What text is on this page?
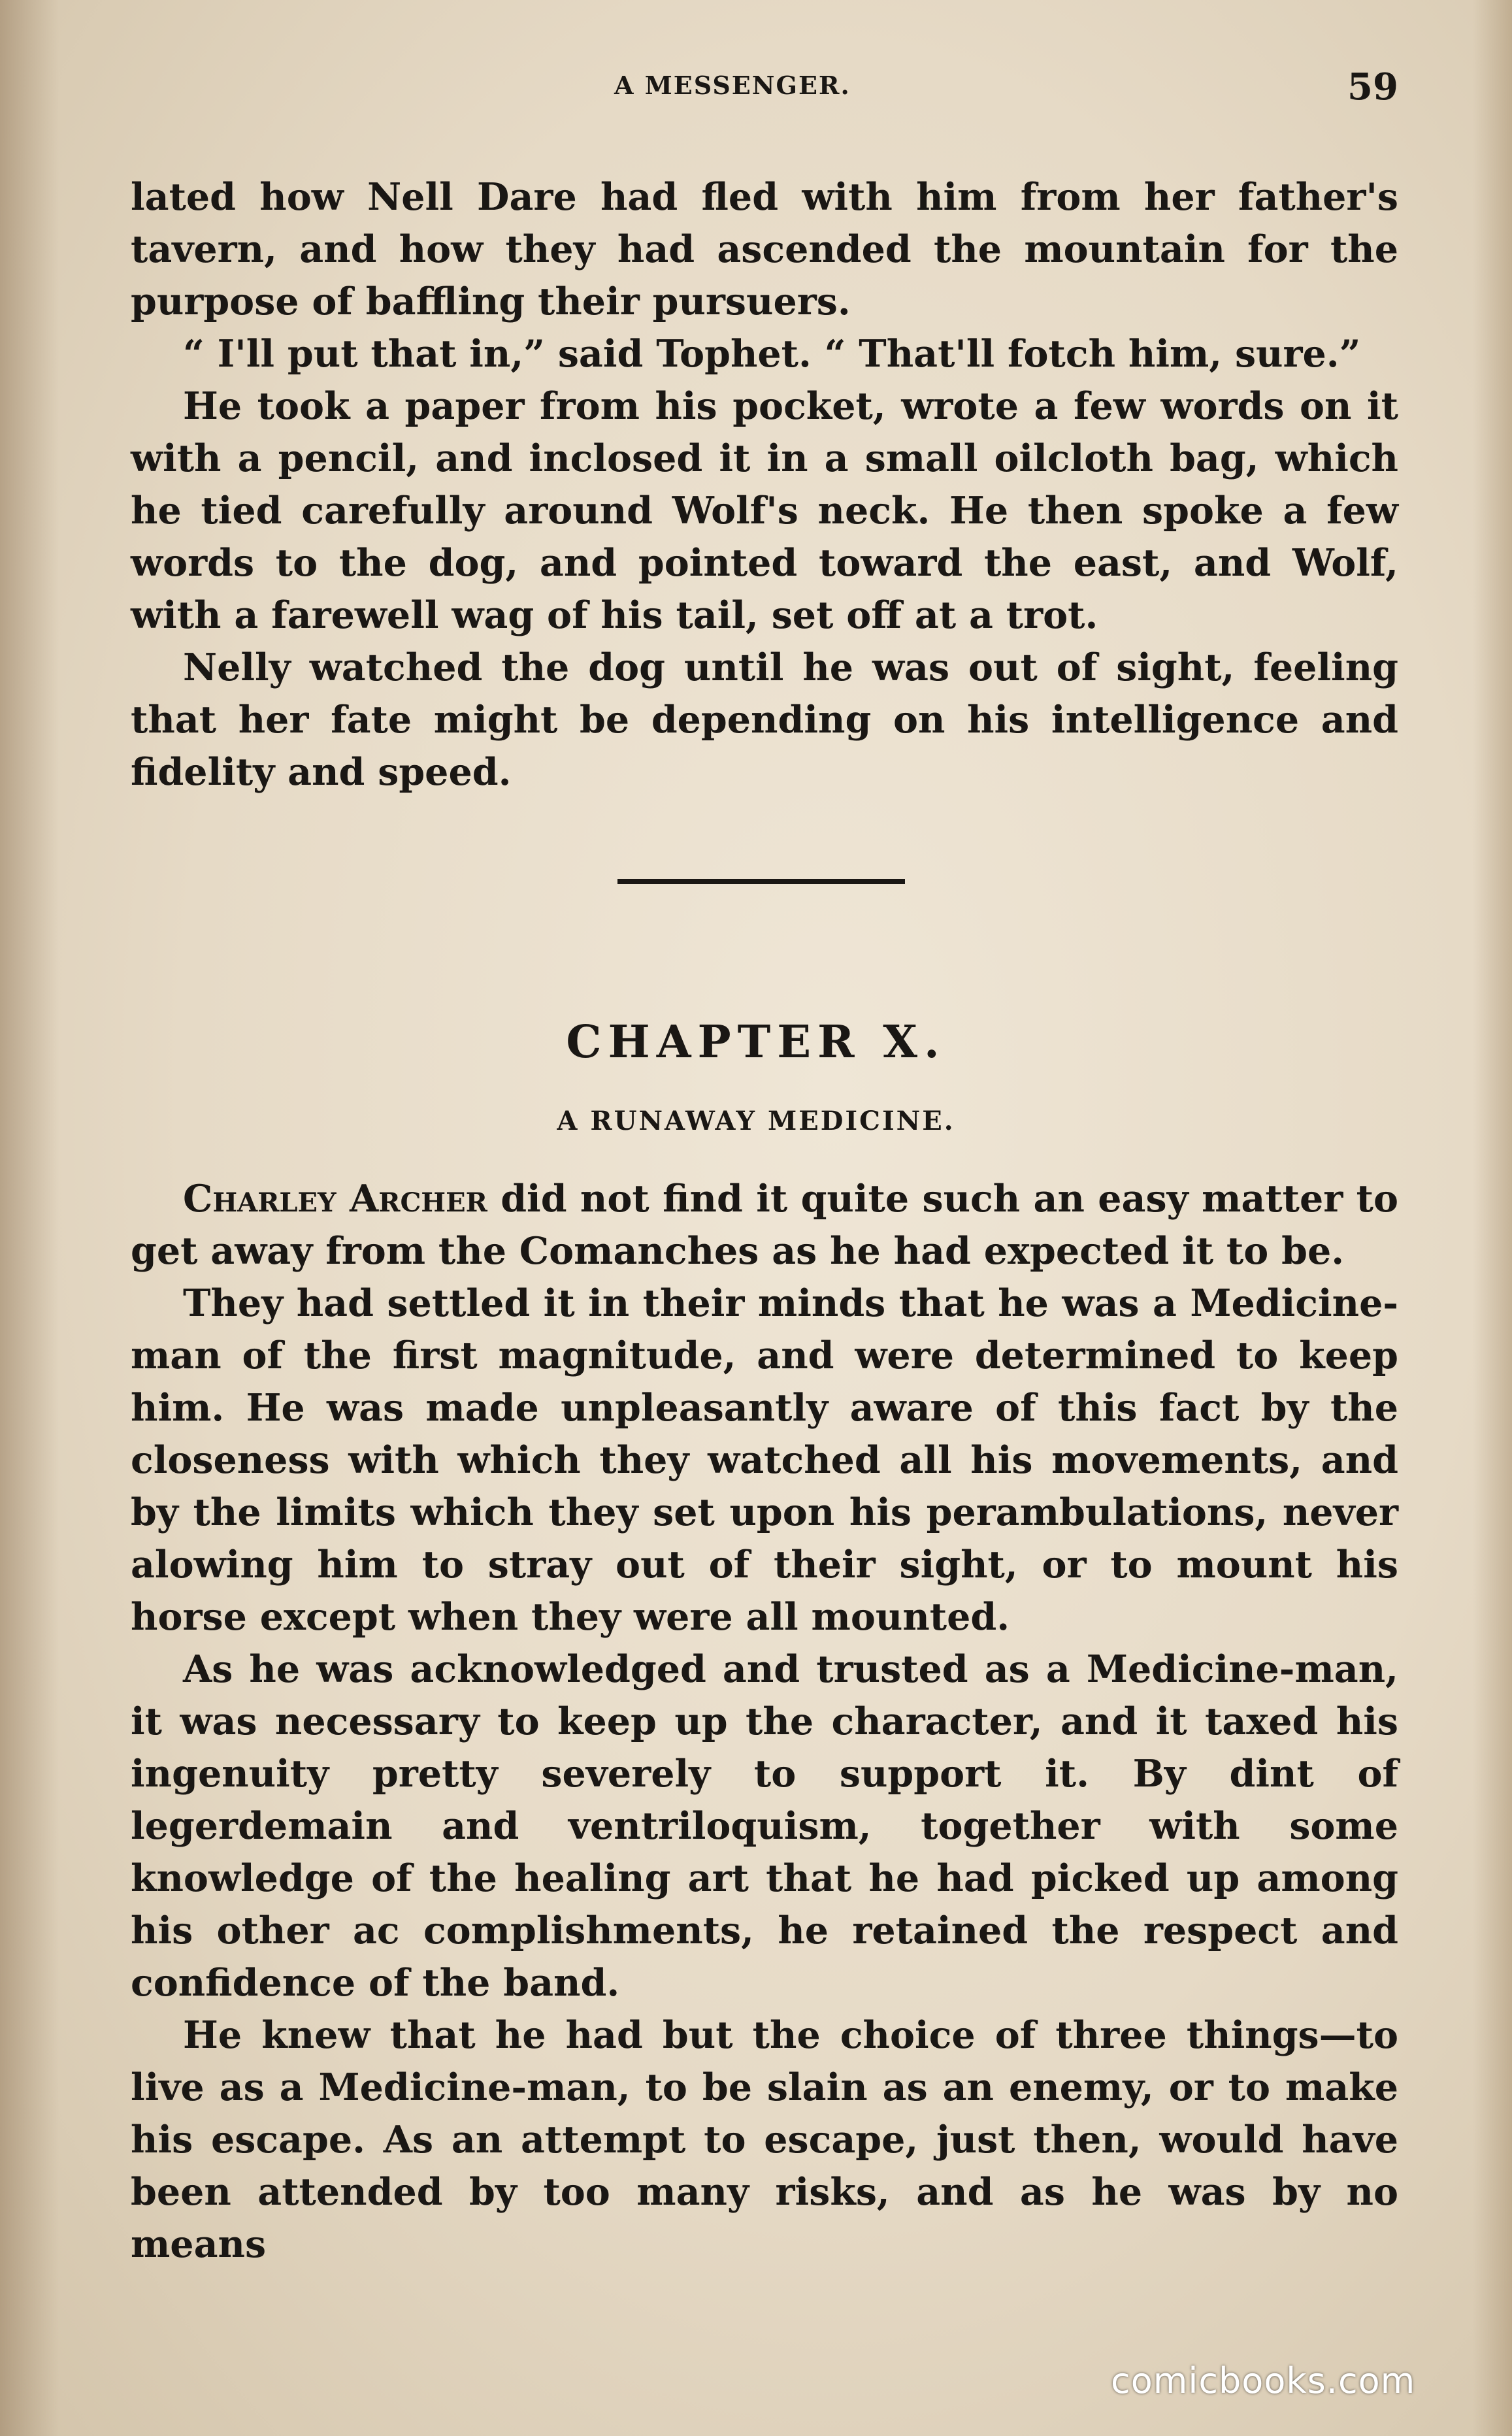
A MESSENGER.	59

lated how Nell Dare had fled with him from her father's tavern, and how they had ascended the mountain for the purpose of baffling their pursuers.

“ I'll put that in,” said Tophet. “ That'll fotch him, sure.”

He took a paper from his pocket, wrote a few words on it with a pencil, and inclosed it in a small oilcloth bag, which he tied carefully around Wolf's neck. He then spoke a few words to the dog, and pointed toward the east, and Wolf, with a farewell wag of his tail, set off at a trot.

Nelly watched the dog until he was out of sight, feeling that her fate might be depending on his intelligence and fidelity and speed.

CHAPTER X.
A RUNAWAY MEDICINE.

Charley Archer did not find it quite such an easy matter to get away from the Comanches as he had expected it to be.

They had settled it in their minds that he was a Medicine-man of the first magnitude, and were determined to keep him. He was made unpleasantly aware of this fact by the closeness with which they watched all his movements, and by the limits which they set upon his perambulations, never alowing him to stray out of their sight, or to mount his horse except when they were all mounted.

As he was acknowledged and trusted as a Medicine-man, it was necessary to keep up the character, and it taxed his ingenuity pretty severely to support it. By dint of legerdemain and ventriloquism, together with some knowledge of the healing art that he had picked up among his other ac complishments, he retained the respect and confidence of the band.

He knew that he had but the choice of three things—to live as a Medicine-man, to be slain as an enemy, or to make his escape. As an attempt to escape, just then, would have been attended by too many risks, and as he was by no means

comicbooks.com
